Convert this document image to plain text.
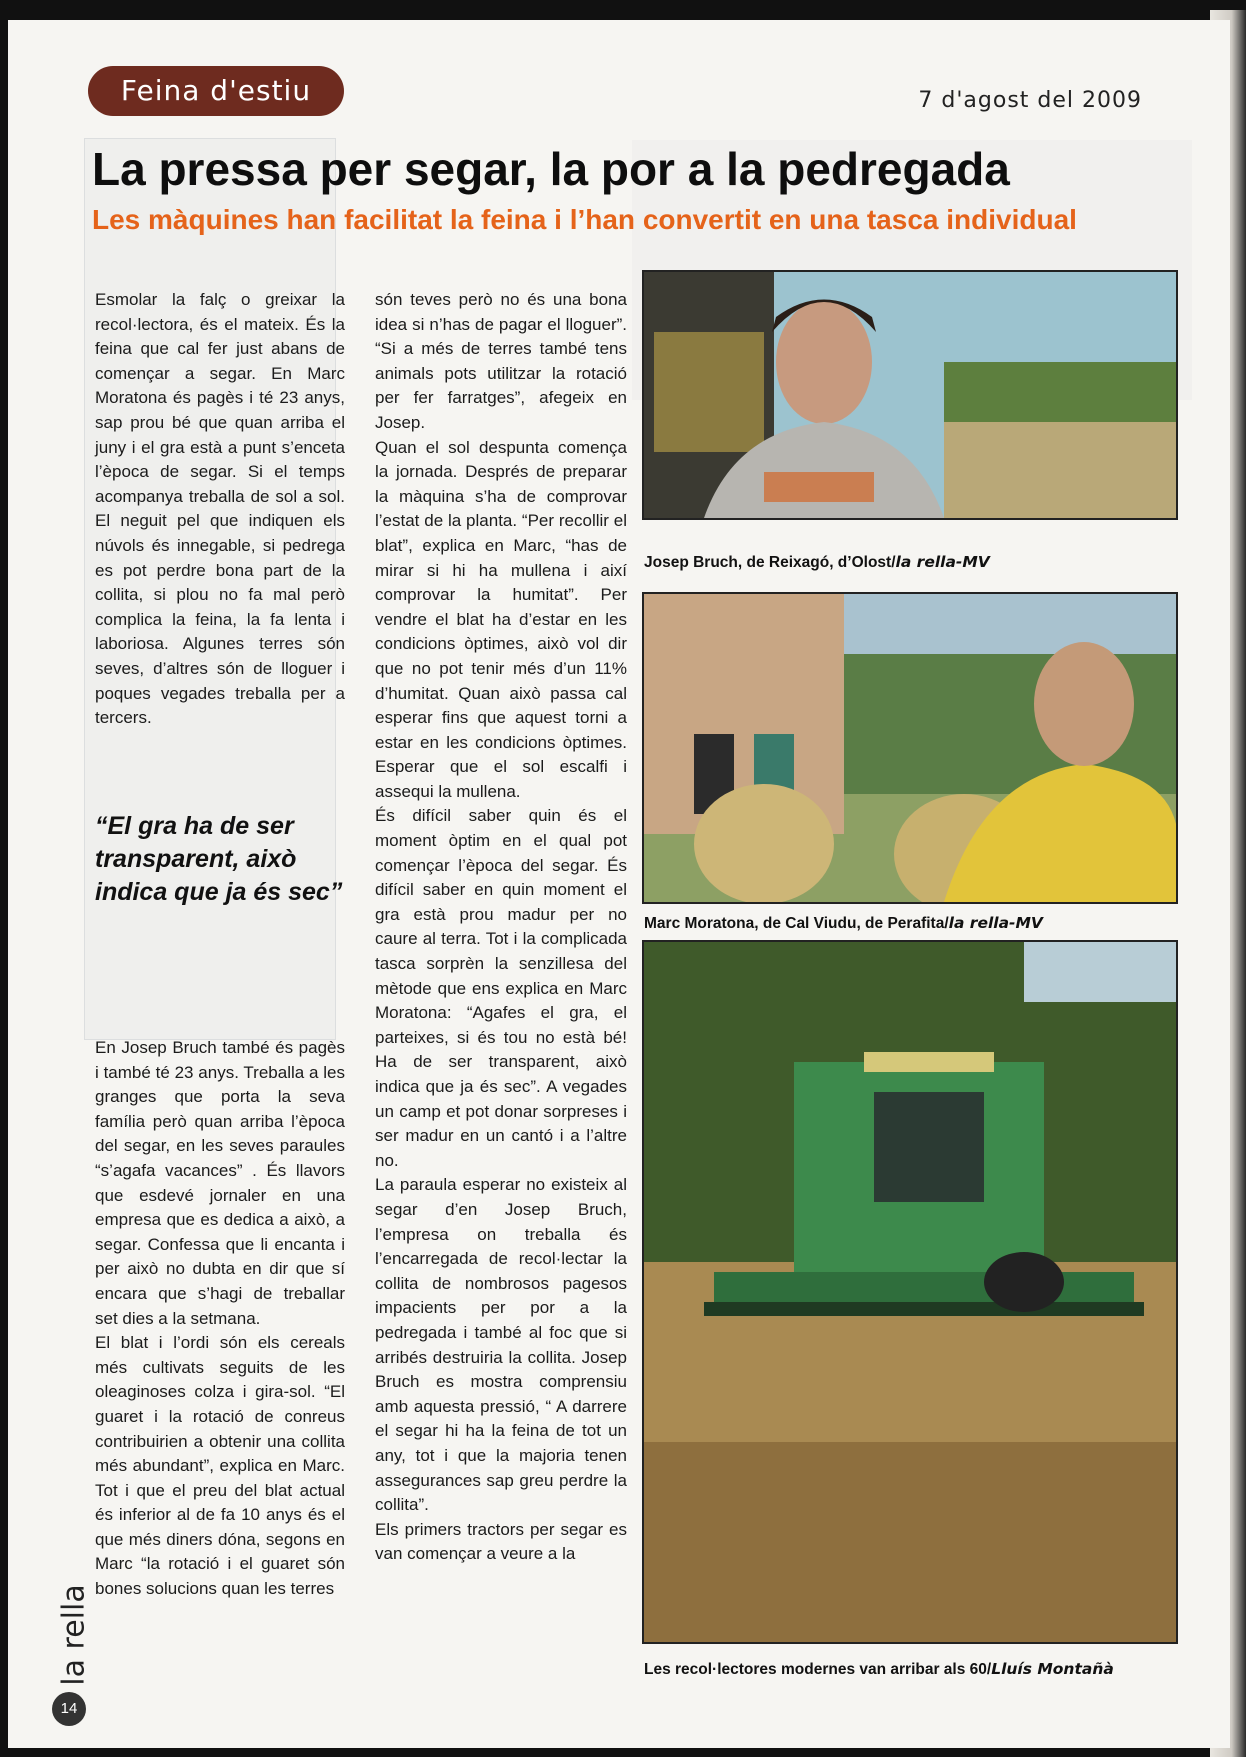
Feina d'estiu	7 d'agost del 2009
La pressa per segar, la por a la pedregada
Les màquines han facilitat la feina i l’han convertit en una tasca individual

Esmolar la falç o greixar la recol·lectora, és el mateix. És la feina que cal fer just abans de començar a segar. En Marc Moratona és pagès i té 23 anys, sap prou bé que quan arriba el juny i el gra està a punt s’enceta l’època de segar. Si el temps acompanya treballa de sol a sol. El neguit pel que indiquen els núvols és innegable, si pedrega es pot perdre bona part de la collita, si plou no fa mal però complica la feina, la fa lenta i laboriosa. Algunes terres són seves, d’altres són de lloguer i poques vegades treballa per a tercers.

“El gra ha de ser transparent, això indica que ja és sec”

En Josep Bruch també és pagès i també té 23 anys. Treballa a les granges que porta la seva família però quan arriba l’època del segar, en les seves paraules “s’agafa vacances” . És llavors que esdevé jornaler en una empresa que es dedica a això, a segar. Confessa que li encanta i per això no dubta en dir que sí encara que s’hagi de treballar set dies a la setmana.

El blat i l’ordi són els cereals més cultivats seguits de les oleaginoses colza i gira-sol. “El guaret i la rotació de conreus contribuirien a obtenir una collita més abundant”, explica en Marc. Tot i que el preu del blat actual és inferior al de fa 10 anys és el que més diners dóna, segons en Marc “la rotació i el guaret són bones solucions quan les terres

són teves però no és una bona idea si n’has de pagar el lloguer”. “Si a més de terres també tens animals pots utilitzar la rotació per fer farratges”, afegeix en Josep.

Quan el sol despunta comença la jornada. Després de preparar la màquina s’ha de comprovar l’estat de la planta. “Per recollir el blat”, explica en Marc, “has de mirar si hi ha mullena i així comprovar la humitat”. Per vendre el blat ha d’estar en les condicions òptimes, això vol dir que no pot tenir més d’un 11% d’humitat. Quan això passa cal esperar fins que aquest torni a estar en les condicions òptimes. Esperar que el sol escalfi i assequi la mullena.

És difícil saber quin és el moment òptim en el qual pot començar l’època del segar. És difícil saber en quin moment el gra està prou madur per no caure al terra. Tot i la complicada tasca sorprèn la senzillesa del mètode que ens explica en Marc Moratona: “Agafes el gra, el parteixes, si és tou no està bé! Ha de ser transparent, això indica que ja és sec”. A vegades un camp et pot donar sorpreses i ser madur en un cantó i a l’altre no.

La paraula esperar no existeix al segar d’en Josep Bruch, l’empresa on treballa és l’encarregada de recol·lectar la collita de nombrosos pagesos impacients per por a la pedregada i també al foc que si arribés destruiria la collita. Josep Bruch es mostra comprensiu amb aquesta pressió, “ A darrere el segar hi ha la feina de tot un any, tot i que la majoria tenen assegurances sap greu perdre la collita”.

Els primers tractors per segar es van començar a veure a la

Josep Bruch, de Reixagó, d’Olost/la rella-MV
Marc Moratona, de Cal Viudu, de Perafita/la rella-MV
Les recol·lectores modernes van arribar als 60/Lluís Montañà
la rella
14
